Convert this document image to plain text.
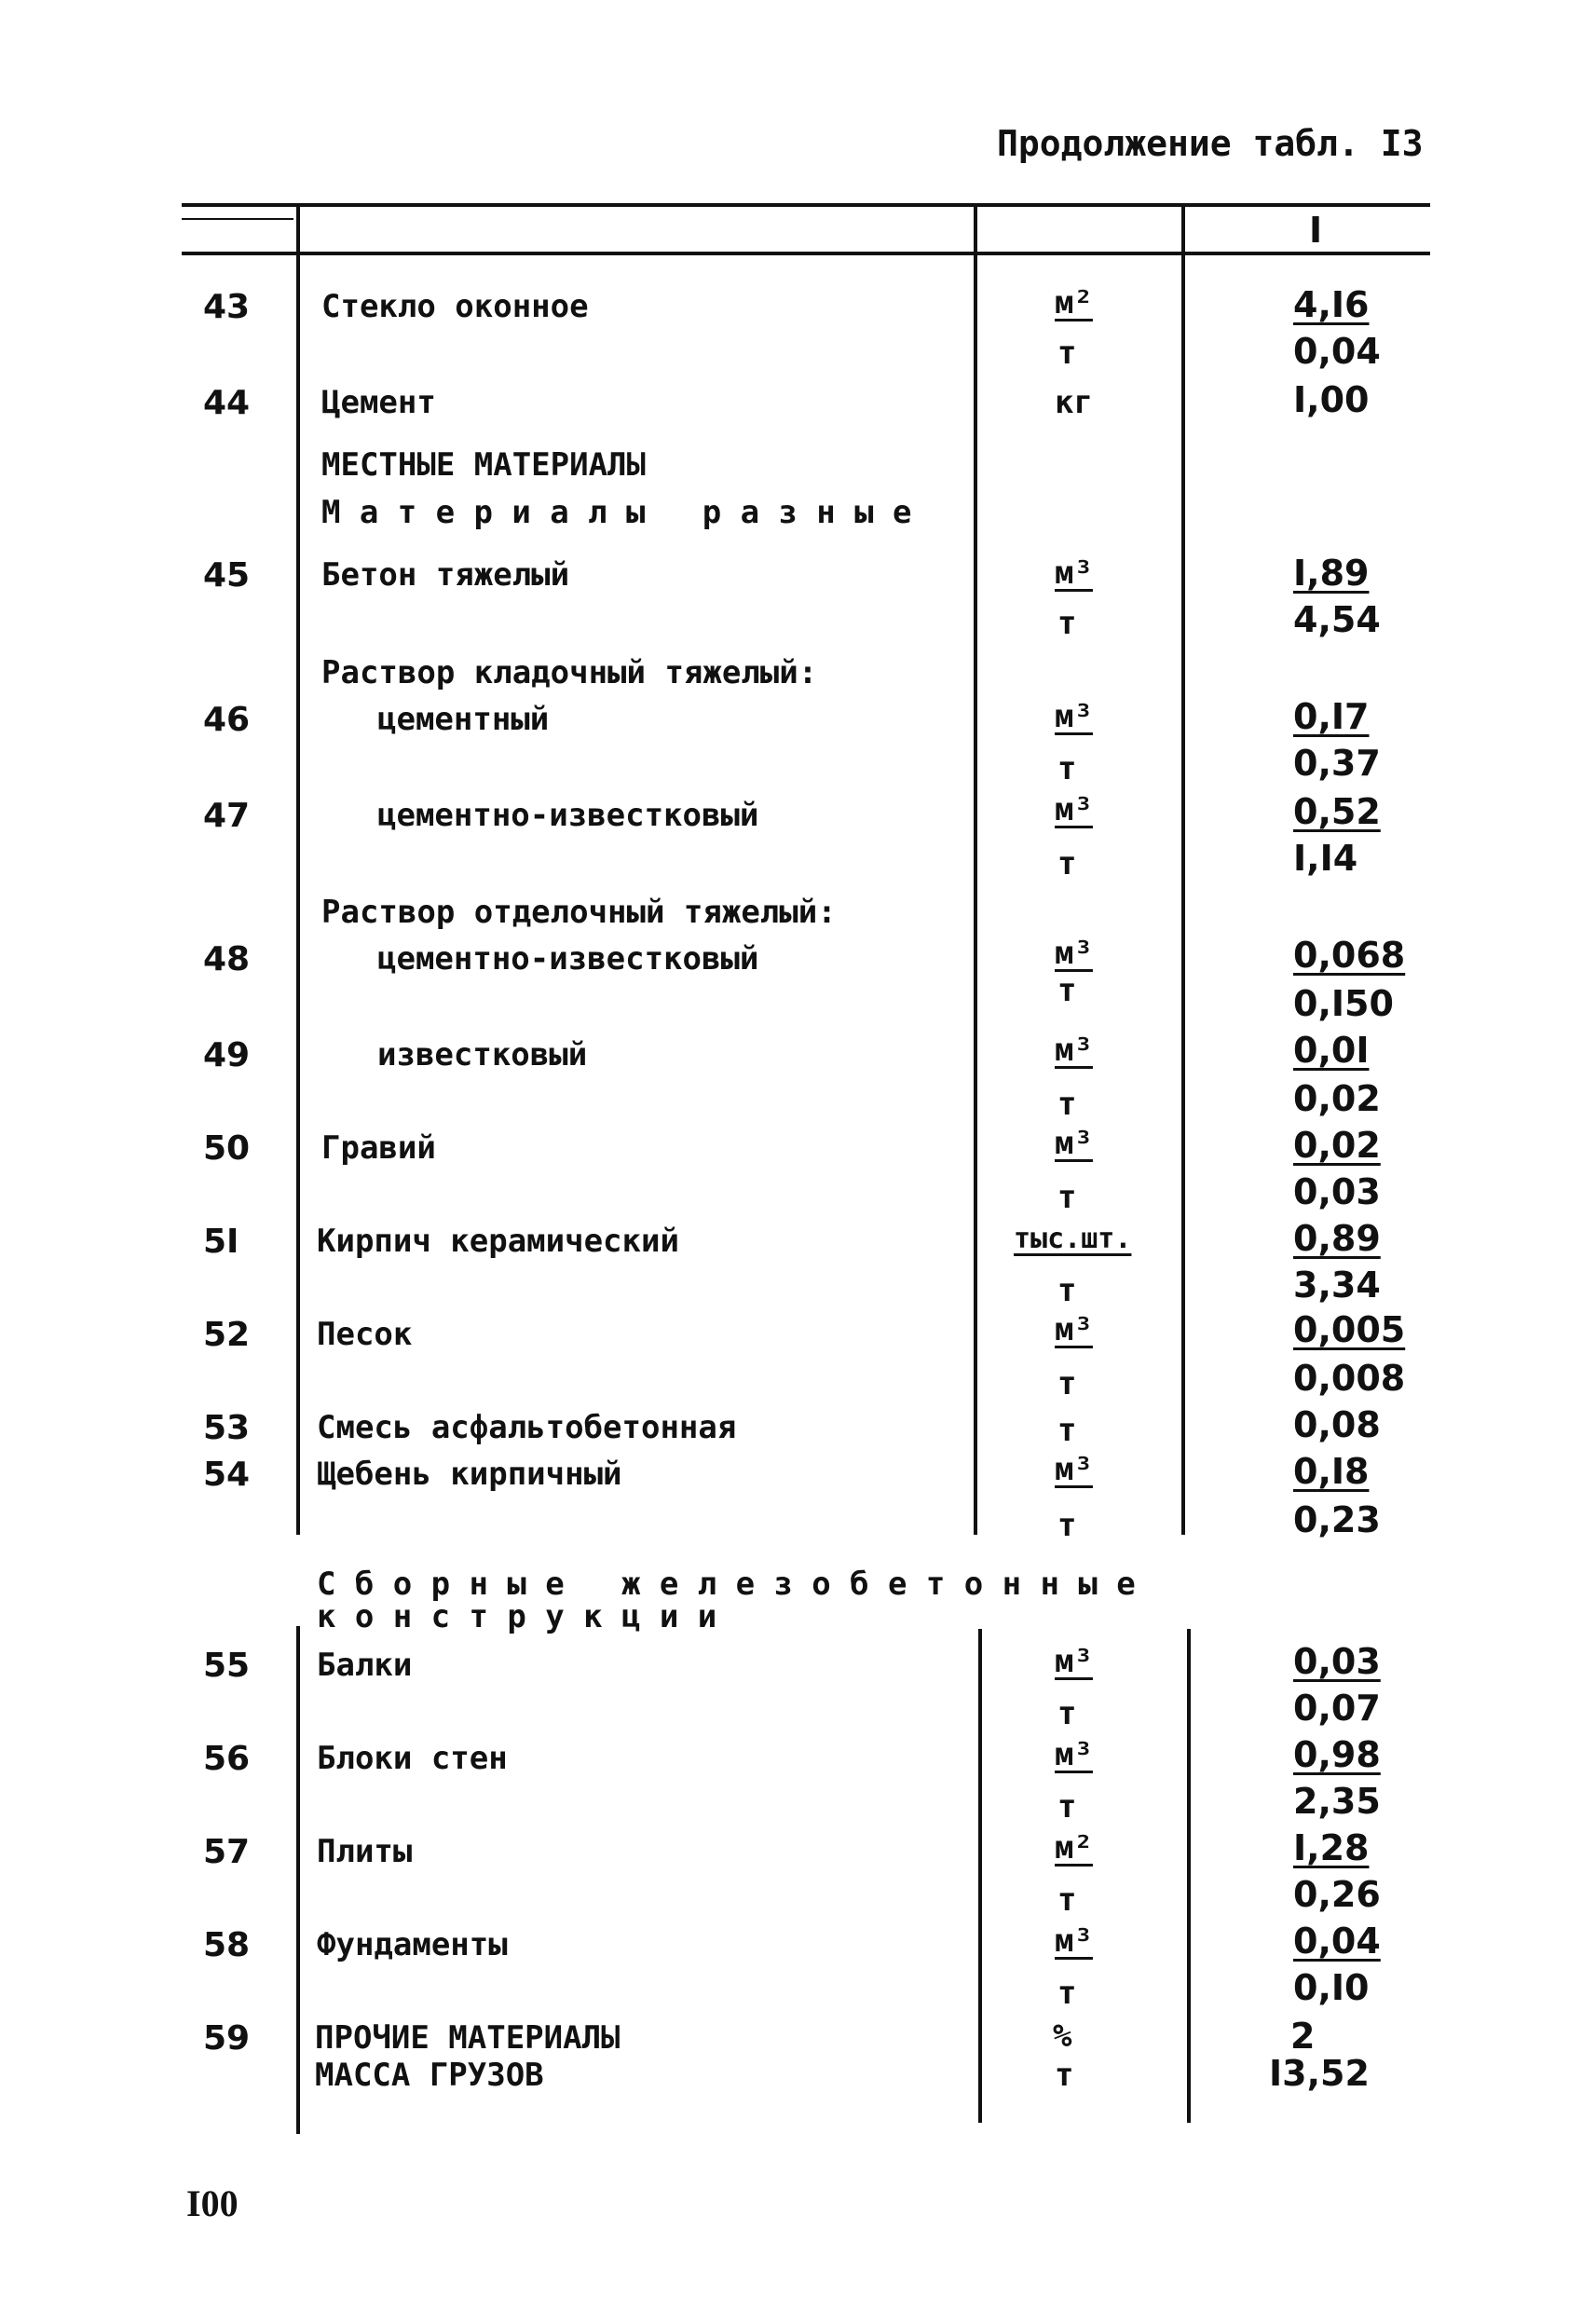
Продолжение табл. I3
I
43 Стекло оконное	м²	4,I6
т	0,04
44 Цемент	кг	I,00
МЕСТНЫЕ МАТЕРИАЛЫ
Материалы разные
45 Бетон тяжелый	м³	I,89
т	4,54
Раствор кладочный тяжелый:
46	цементный	м³	0,I7
т	0,37
47	цементно-известковый	м³	0,52
т	I,I4
Раствор отделочный тяжелый:
48	цементно-известковый	м³	0,068
т	0,I50
49	известковый	м³	0,0I
т	0,02
50 Гравий	м³	0,02
т	0,03
5I Кирпич керамический	тыс.шт.	0,89
т	3,34
52 Песок	м³	0,005
т	0,008
53 Смесь асфальтобетонная	т	0,08
54 Щебень кирпичный	м³	0,I8
т	0,23
Сборные железобетонные
конструкции
55 Балки	м³	0,03
т	0,07
56 Блоки стен	м³	0,98
т	2,35
57 Плиты	м²	I,28
т	0,26
58 Фундаменты	м³	0,04
т	0,I0
59 ПРОЧИЕ МАТЕРИАЛЫ	%	2
МАССА ГРУЗОВ	т	I3,52
I00
